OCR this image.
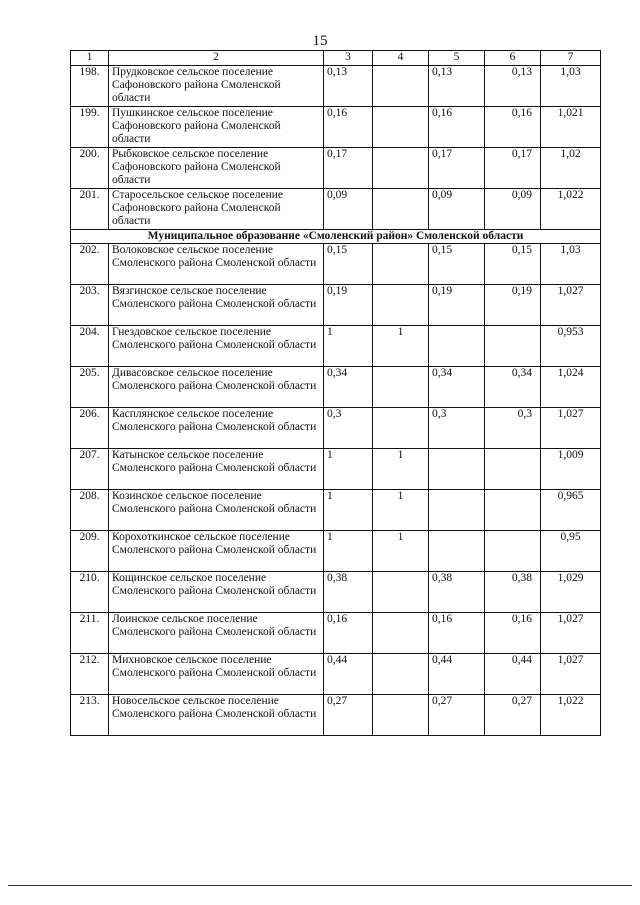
15
1	2	3	4	5	6	7
198.	Прудковское сельское поселение Сафоновского района Смоленской области	0,13		0,13	0,13	1,03
199.	Пушкинское сельское поселение Сафоновского района Смоленской области	0,16		0,16	0,16	1,021
200.	Рыбковское сельское поселение Сафоновского района Смоленской области	0,17		0,17	0,17	1,02
201.	Старосельское сельское поселение Сафоновского района Смоленской области	0,09		0,09	0,09	1,022
Муниципальное образование «Смоленский район» Смоленской области						
202.	Волоковское сельское поселение Смоленского района Смоленской области	0,15		0,15	0,15	1,03
203.	Вязгинское сельское поселение Смоленского района Смоленской области	0,19		0,19	0,19	1,027
204.	Гнездовское сельское поселение Смоленского района Смоленской области	1	1			0,953
205.	Дивасовское сельское поселение Смоленского района Смоленской области	0,34		0,34	0,34	1,024
206.	Касплянское сельское поселение Смоленского района Смоленской области	0,3		0,3	0,3	1,027
207.	Катынское сельское поселение Смоленского района Смоленской области	1	1			1,009
208.	Козинское сельское поселение Смоленского района Смоленской области	1	1			0,965
209.	Корохоткинское сельское поселение Смоленского района Смоленской области	1	1			0,95
210.	Кощинское сельское поселение Смоленского района Смоленской области	0,38		0,38	0,38	1,029
211.	Лоинское сельское поселение Смоленского района Смоленской области	0,16		0,16	0,16	1,027
212.	Михновское сельское поселение Смоленского района Смоленской области	0,44		0,44	0,44	1,027
213.	Новосельское сельское поселение Смоленского района Смоленской области	0,27		0,27	0,27	1,022
